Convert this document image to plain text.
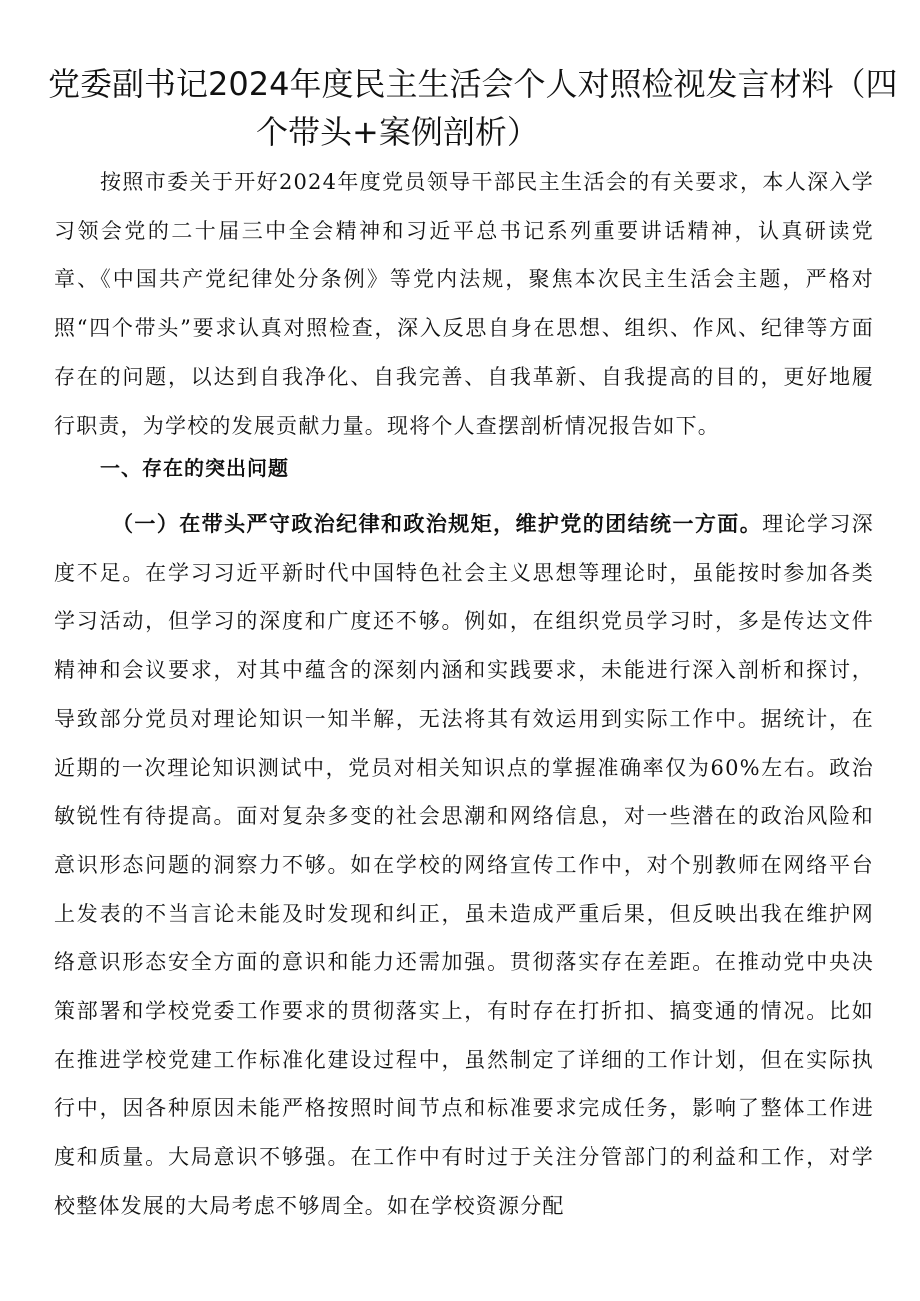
党委副书记2024年度民主生活会个人对照检视发言材料（四
个带头+案例剖析）

按照市委关于开好2024年度党员领导干部民主生活会的有关要求，本人深入学习领会党的二十届三中全会精神和习近平总书记系列重要讲话精神，认真研读党章、《中国共产党纪律处分条例》等党内法规，聚焦本次民主生活会主题，严格对照“四个带头”要求认真对照检查，深入反思自身在思想、组织、作风、纪律等方面存在的问题，以达到自我净化、自我完善、自我革新、自我提高的目的，更好地履行职责，为学校的发展贡献力量。现将个人查摆剖析情况报告如下。

一、存在的突出问题

（一）在带头严守政治纪律和政治规矩，维护党的团结统一方面。理论学习深度不足。在学习习近平新时代中国特色社会主义思想等理论时，虽能按时参加各类学习活动，但学习的深度和广度还不够。例如，在组织党员学习时，多是传达文件精神和会议要求，对其中蕴含的深刻内涵和实践要求，未能进行深入剖析和探讨，导致部分党员对理论知识一知半解，无法将其有效运用到实际工作中。据统计，在近期的一次理论知识测试中，党员对相关知识点的掌握准确率仅为60%左右。政治敏锐性有待提高。面对复杂多变的社会思潮和网络信息，对一些潜在的政治风险和意识形态问题的洞察力不够。如在学校的网络宣传工作中，对个别教师在网络平台上发表的不当言论未能及时发现和纠正，虽未造成严重后果，但反映出我在维护网络意识形态安全方面的意识和能力还需加强。贯彻落实存在差距。在推动党中央决策部署和学校党委工作要求的贯彻落实上，有时存在打折扣、搞变通的情况。比如在推进学校党建工作标准化建设过程中，虽然制定了详细的工作计划，但在实际执行中，因各种原因未能严格按照时间节点和标准要求完成任务，影响了整体工作进度和质量。大局意识不够强。在工作中有时过于关注分管部门的利益和工作，对学校整体发展的大局考虑不够周全。如在学校资源分配
